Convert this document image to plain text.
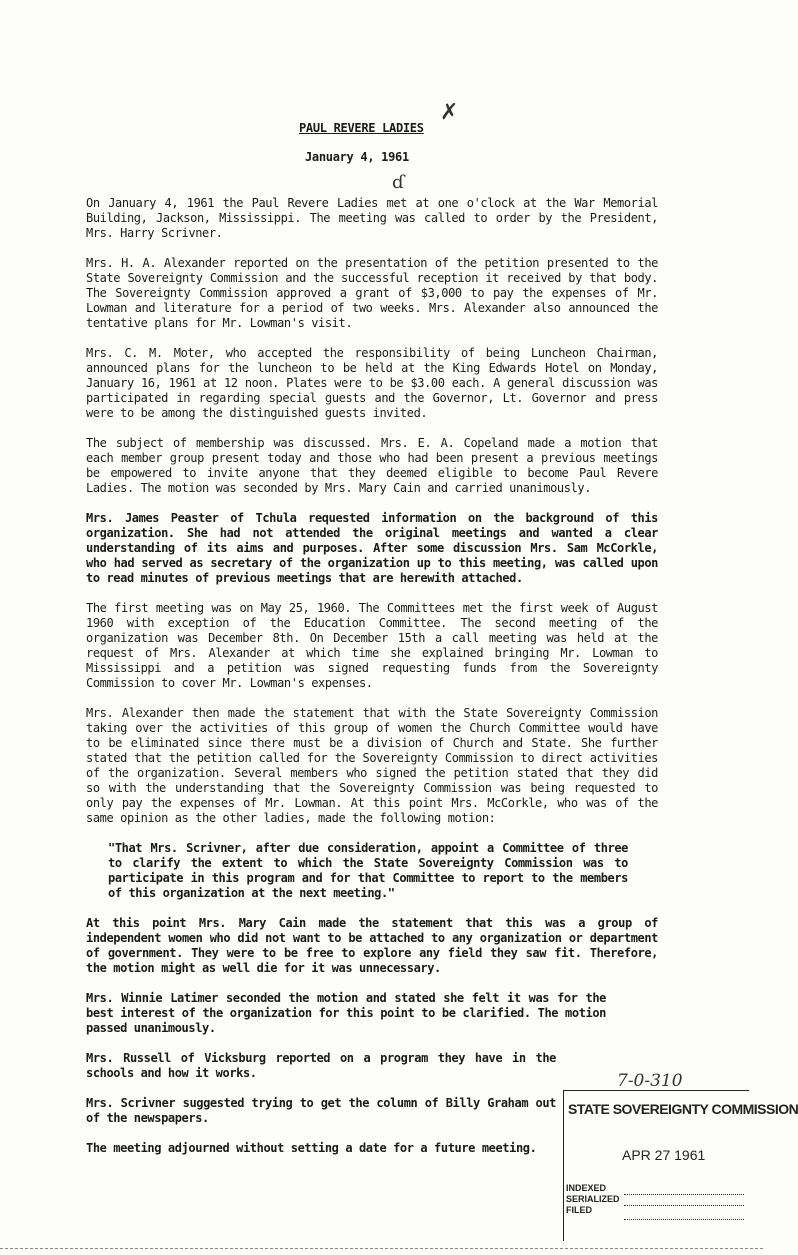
PAUL REVERE LADIES
✗
January 4, 1961
ɗ

On January 4, 1961 the Paul Revere Ladies met at one o'clock at the War Memorial Building, Jackson, Mississippi. The meeting was called to order by the President, Mrs. Harry Scrivner.

Mrs. H. A. Alexander reported on the presentation of the petition presented to the State Sovereignty Commission and the successful reception it received by that body. The Sovereignty Commission approved a grant of $3,000 to pay the expenses of Mr. Lowman and literature for a period of two weeks. Mrs. Alexander also announced the tentative plans for Mr. Lowman's visit.

Mrs. C. M. Moter, who accepted the responsibility of being Luncheon Chairman, announced plans for the luncheon to be held at the King Edwards Hotel on Monday, January 16, 1961 at 12 noon. Plates were to be $3.00 each. A general discussion was participated in regarding special guests and the Governor, Lt. Governor and press were to be among the distinguished guests invited.

The subject of membership was discussed. Mrs. E. A. Copeland made a motion that each member group present today and those who had been present a previous meetings be empowered to invite anyone that they deemed eligible to become Paul Revere Ladies. The motion was seconded by Mrs. Mary Cain and carried unanimously.

Mrs. James Peaster of Tchula requested information on the background of this organization. She had not attended the original meetings and wanted a clear understanding of its aims and purposes. After some discussion Mrs. Sam McCorkle, who had served as secretary of the organization up to this meeting, was called upon to read minutes of previous meetings that are herewith attached.

The first meeting was on May 25, 1960. The Committees met the first week of August 1960 with exception of the Education Committee. The second meeting of the organization was December 8th. On December 15th a call meeting was held at the request of Mrs. Alexander at which time she explained bringing Mr. Lowman to Mississippi and a petition was signed requesting funds from the Sovereignty Commission to cover Mr. Lowman's expenses.

Mrs. Alexander then made the statement that with the State Sovereignty Commission taking over the activities of this group of women the Church Committee would have to be eliminated since there must be a division of Church and State. She further stated that the petition called for the Sovereignty Commission to direct activities of the organization. Several members who signed the petition stated that they did so with the understanding that the Sovereignty Commission was being requested to only pay the expenses of Mr. Lowman. At this point Mrs. McCorkle, who was of the same opinion as the other ladies, made the following motion:

"That Mrs. Scrivner, after due consideration, appoint a Committee of three to clarify the extent to which the State Sovereignty Commission was to participate in this program and for that Committee to report to the members of this organization at the next meeting."

At this point Mrs. Mary Cain made the statement that this was a group of independent women who did not want to be attached to any organization or department of government. They were to be free to explore any field they saw fit. Therefore, the motion might as well die for it was unnecessary.

Mrs. Winnie Latimer seconded the motion and stated she felt it was for the best interest of the organization for this point to be clarified. The motion passed unanimously.

Mrs. Russell of Vicksburg reported on a program they have in the schools and how it works.

Mrs. Scrivner suggested trying to get the column of Billy Graham out of the newspapers.

The meeting adjourned without setting a date for a future meeting.

7-0-310
STATE SOVEREIGNTY COMMISSION
APR 27 1961
INDEXED
SERIALIZED
FILED
